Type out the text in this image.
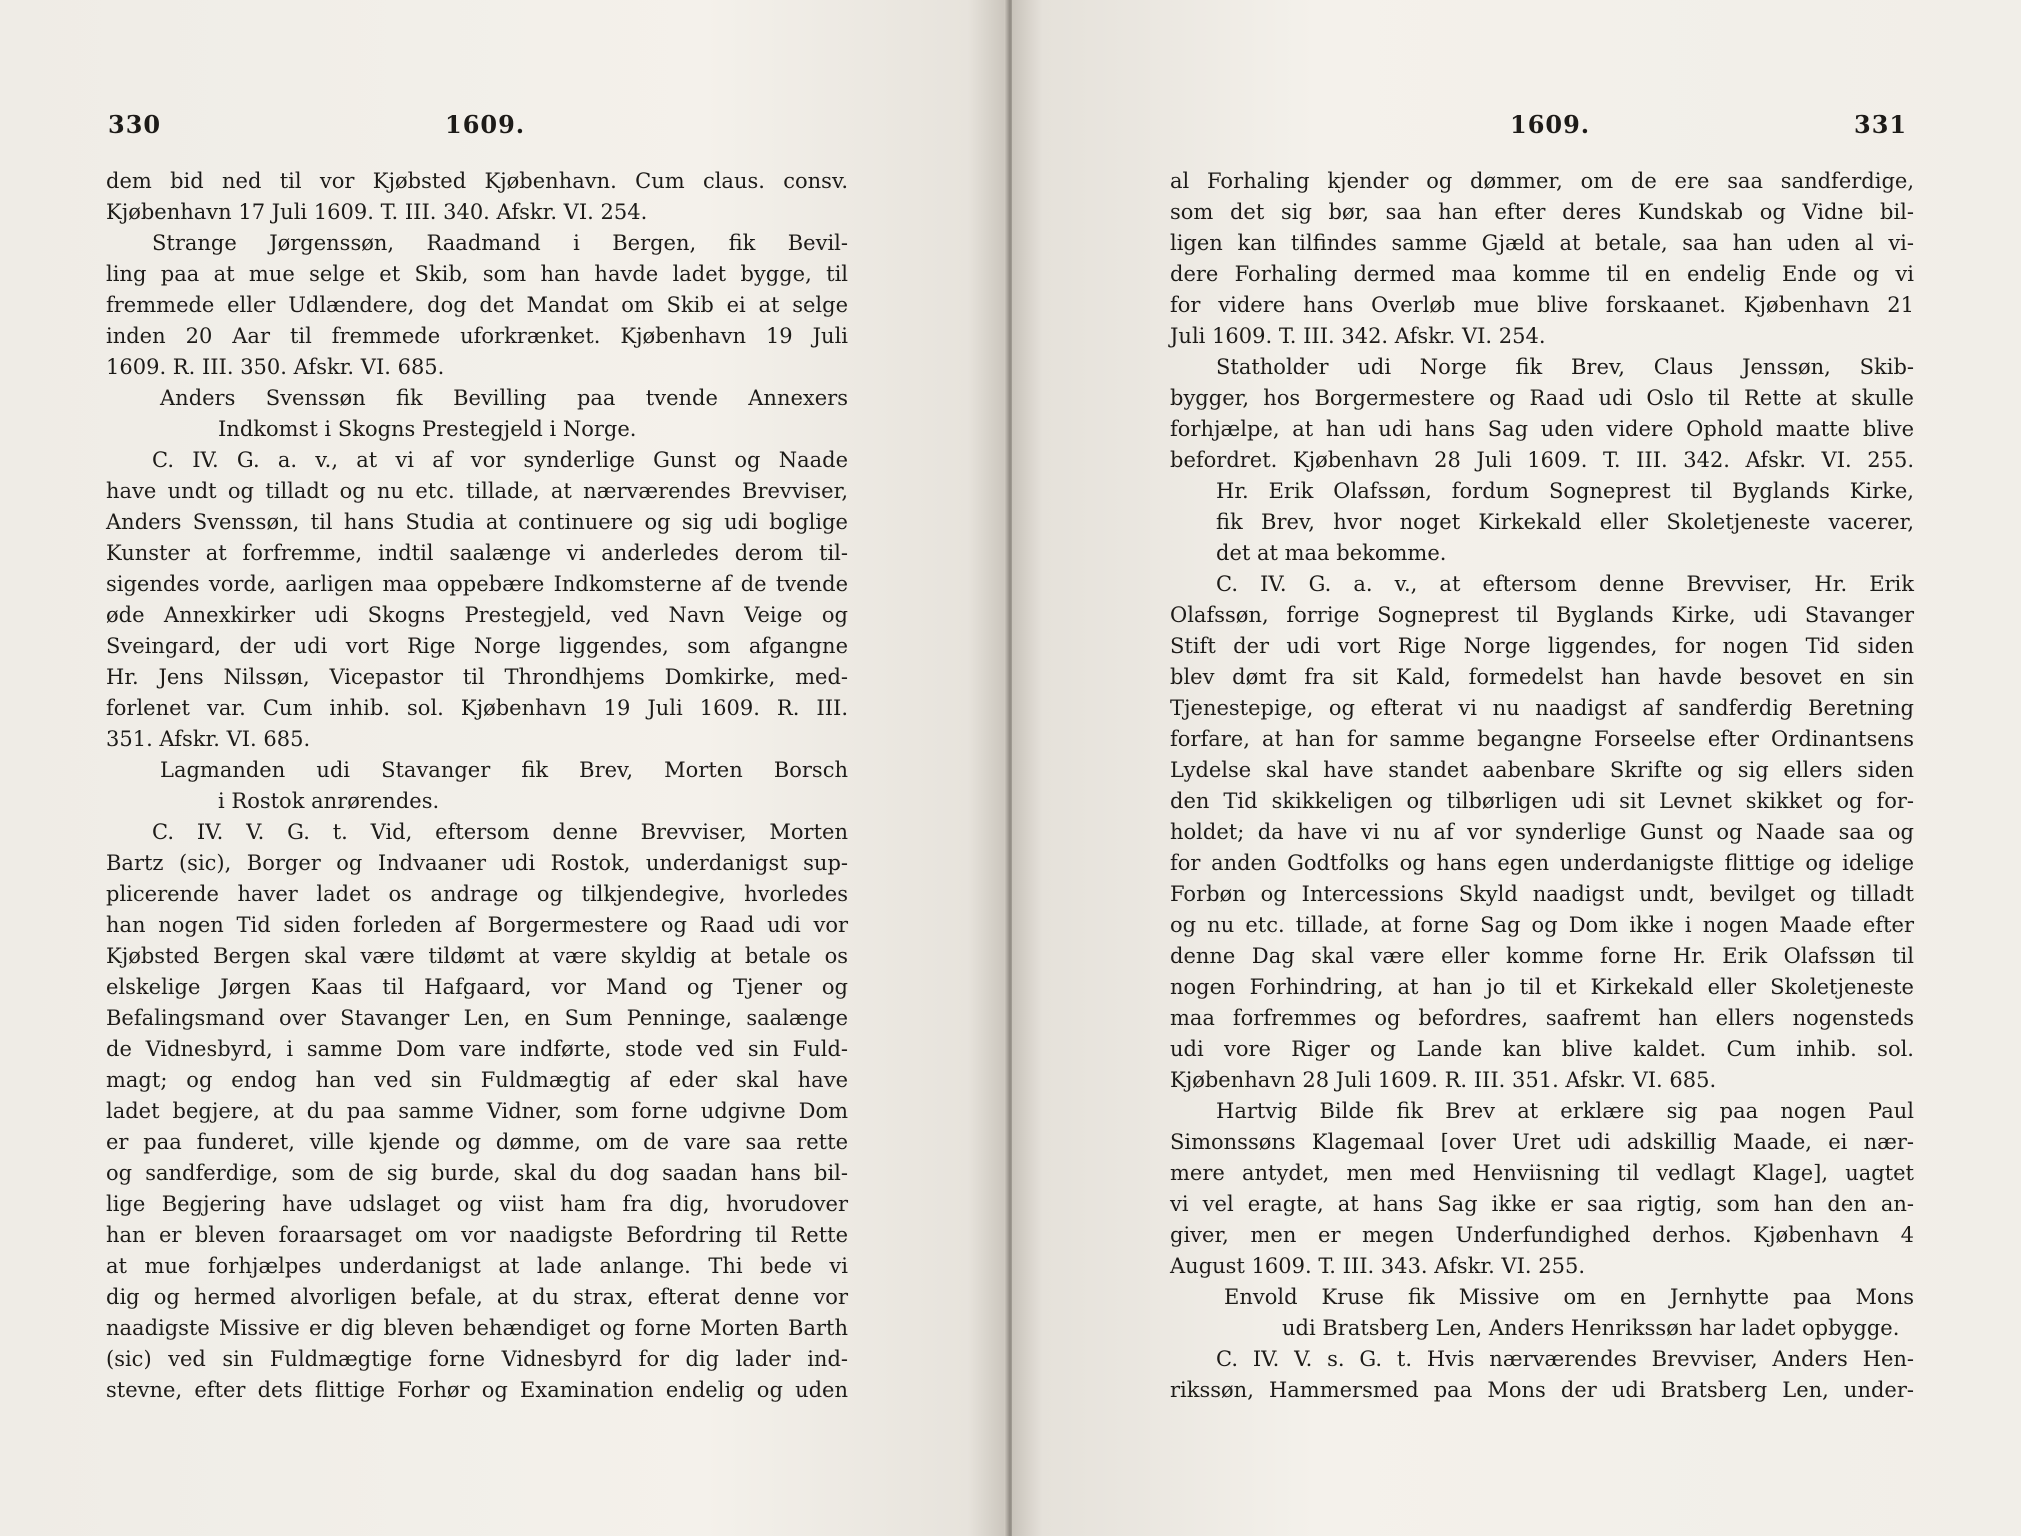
330	1609.
dem bid ned til vor Kjøbsted Kjøbenhavn. Cum claus. consv.
Kjøbenhavn 17 Juli 1609. T. III. 340. Afskr. VI. 254.
Strange Jørgenssøn, Raadmand i Bergen, fik Bevil-
ling paa at mue selge et Skib, som han havde ladet bygge, til
fremmede eller Udlændere, dog det Mandat om Skib ei at selge
inden 20 Aar til fremmede uforkrænket. Kjøbenhavn 19 Juli
1609. R. III. 350. Afskr. VI. 685.
Anders Svenssøn fik Bevilling paa tvende Annexers
Indkomst i Skogns Prestegjeld i Norge.
C. IV. G. a. v., at vi af vor synderlige Gunst og Naade
have undt og tilladt og nu etc. tillade, at nærværendes Brevviser,
Anders Svenssøn, til hans Studia at continuere og sig udi boglige
Kunster at forfremme, indtil saalænge vi anderledes derom til-
sigendes vorde, aarligen maa oppebære Indkomsterne af de tvende
øde Annexkirker udi Skogns Prestegjeld, ved Navn Veige og
Sveingard, der udi vort Rige Norge liggendes, som afgangne
Hr. Jens Nilssøn, Vicepastor til Throndhjems Domkirke, med-
forlenet var. Cum inhib. sol. Kjøbenhavn 19 Juli 1609. R. III.
351. Afskr. VI. 685.
Lagmanden udi Stavanger fik Brev, Morten Borsch
i Rostok anrørendes.
C. IV. V. G. t. Vid, eftersom denne Brevviser, Morten
Bartz (sic), Borger og Indvaaner udi Rostok, underdanigst sup-
plicerende haver ladet os andrage og tilkjendegive, hvorledes
han nogen Tid siden forleden af Borgermestere og Raad udi vor
Kjøbsted Bergen skal være tildømt at være skyldig at betale os
elskelige Jørgen Kaas til Hafgaard, vor Mand og Tjener og
Befalingsmand over Stavanger Len, en Sum Penninge, saalænge
de Vidnesbyrd, i samme Dom vare indførte, stode ved sin Fuld-
magt; og endog han ved sin Fuldmægtig af eder skal have
ladet begjere, at du paa samme Vidner, som forne udgivne Dom
er paa funderet, ville kjende og dømme, om de vare saa rette
og sandferdige, som de sig burde, skal du dog saadan hans bil-
lige Begjering have udslaget og viist ham fra dig, hvorudover
han er bleven foraarsaget om vor naadigste Befordring til Rette
at mue forhjælpes underdanigst at lade anlange. Thi bede vi
dig og hermed alvorligen befale, at du strax, efterat denne vor
naadigste Missive er dig bleven behændiget og forne Morten Barth
(sic) ved sin Fuldmægtige forne Vidnesbyrd for dig lader ind-
stevne, efter dets flittige Forhør og Examination endelig og uden
1609.	331
al Forhaling kjender og dømmer, om de ere saa sandferdige,
som det sig bør, saa han efter deres Kundskab og Vidne bil-
ligen kan tilfindes samme Gjæld at betale, saa han uden al vi-
dere Forhaling dermed maa komme til en endelig Ende og vi
for videre hans Overløb mue blive forskaanet. Kjøbenhavn 21
Juli 1609. T. III. 342. Afskr. VI. 254.
Statholder udi Norge fik Brev, Claus Jenssøn, Skib-
bygger, hos Borgermestere og Raad udi Oslo til Rette at skulle
forhjælpe, at han udi hans Sag uden videre Ophold maatte blive
befordret. Kjøbenhavn 28 Juli 1609. T. III. 342. Afskr. VI. 255.
Hr. Erik Olafssøn, fordum Sogneprest til Byglands Kirke,
fik Brev, hvor noget Kirkekald eller Skoletjeneste vacerer,
det at maa bekomme.
C. IV. G. a. v., at eftersom denne Brevviser, Hr. Erik
Olafssøn, forrige Sogneprest til Byglands Kirke, udi Stavanger
Stift der udi vort Rige Norge liggendes, for nogen Tid siden
blev dømt fra sit Kald, formedelst han havde besovet en sin
Tjenestepige, og efterat vi nu naadigst af sandferdig Beretning
forfare, at han for samme begangne Forseelse efter Ordinantsens
Lydelse skal have standet aabenbare Skrifte og sig ellers siden
den Tid skikkeligen og tilbørligen udi sit Levnet skikket og for-
holdet; da have vi nu af vor synderlige Gunst og Naade saa og
for anden Godtfolks og hans egen underdanigste flittige og idelige
Forbøn og Intercessions Skyld naadigst undt, bevilget og tilladt
og nu etc. tillade, at forne Sag og Dom ikke i nogen Maade efter
denne Dag skal være eller komme forne Hr. Erik Olafssøn til
nogen Forhindring, at han jo til et Kirkekald eller Skoletjeneste
maa forfremmes og befordres, saafremt han ellers nogensteds
udi vore Riger og Lande kan blive kaldet. Cum inhib. sol.
Kjøbenhavn 28 Juli 1609. R. III. 351. Afskr. VI. 685.
Hartvig Bilde fik Brev at erklære sig paa nogen Paul
Simonssøns Klagemaal [over Uret udi adskillig Maade, ei nær-
mere antydet, men med Henviisning til vedlagt Klage], uagtet
vi vel eragte, at hans Sag ikke er saa rigtig, som han den an-
giver, men er megen Underfundighed derhos. Kjøbenhavn 4
August 1609. T. III. 343. Afskr. VI. 255.
Envold Kruse fik Missive om en Jernhytte paa Mons
udi Bratsberg Len, Anders Henrikssøn har ladet opbygge.
C. IV. V. s. G. t. Hvis nærværendes Brevviser, Anders Hen-
rikssøn, Hammersmed paa Mons der udi Bratsberg Len, under-
